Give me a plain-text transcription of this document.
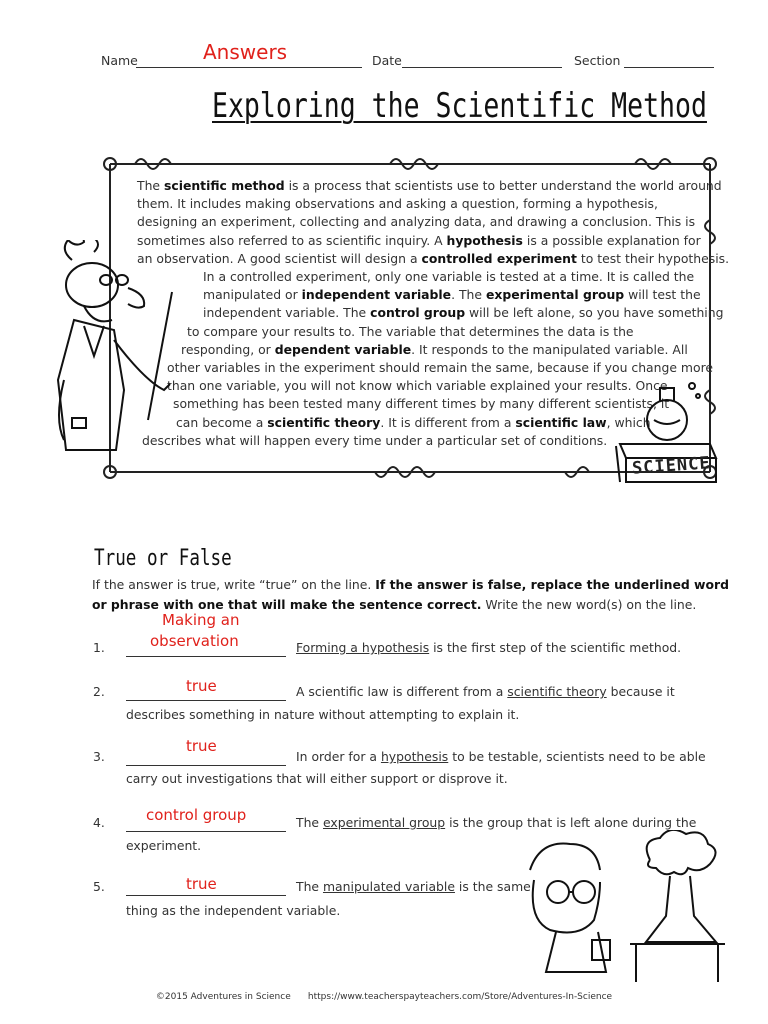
Name	Answers	Date	Section
Exploring the Scientific Method
The scientific method is a process that scientists use to better understand the world around
them. It includes making observations and asking a question, forming a hypothesis,
designing an experiment, collecting and analyzing data, and drawing a conclusion. This is
sometimes also referred to as scientific inquiry. A hypothesis is a possible explanation for
an observation. A good scientist will design a controlled experiment to test their hypothesis.
In a controlled experiment, only one variable is tested at a time. It is called the
manipulated or independent variable. The experimental group will test the
independent variable. The control group will be left alone, so you have something
to compare your results to. The variable that determines the data is the
responding, or dependent variable. It responds to the manipulated variable. All
other variables in the experiment should remain the same, because if you change more
than one variable, you will not know which variable explained your results. Once
something has been tested many different times by many different scientists, it
can become a scientific theory. It is different from a scientific law, which
describes what will happen every time under a particular set of conditions.
SCIENCE
True or False
If the answer is true, write “true” on the line. If the answer is false, replace the underlined word
or phrase with one that will make the sentence correct. Write the new word(s) on the line.
1.
Making an
observation	Forming a hypothesis is the first step of the scientific method.
2.	true	A scientific law is different from a scientific theory because it
describes something in nature without attempting to explain it.
3.
true
In order for a hypothesis to be testable, scientists need to be able
carry out investigations that will either support or disprove it.
4.	control group	The experimental group is the group that is left alone during the
experiment.
5.	true	The manipulated variable is the same
thing as the independent variable.
©2015 Adventures in Science      https://www.teacherspayteachers.com/Store/Adventures-In-Science
